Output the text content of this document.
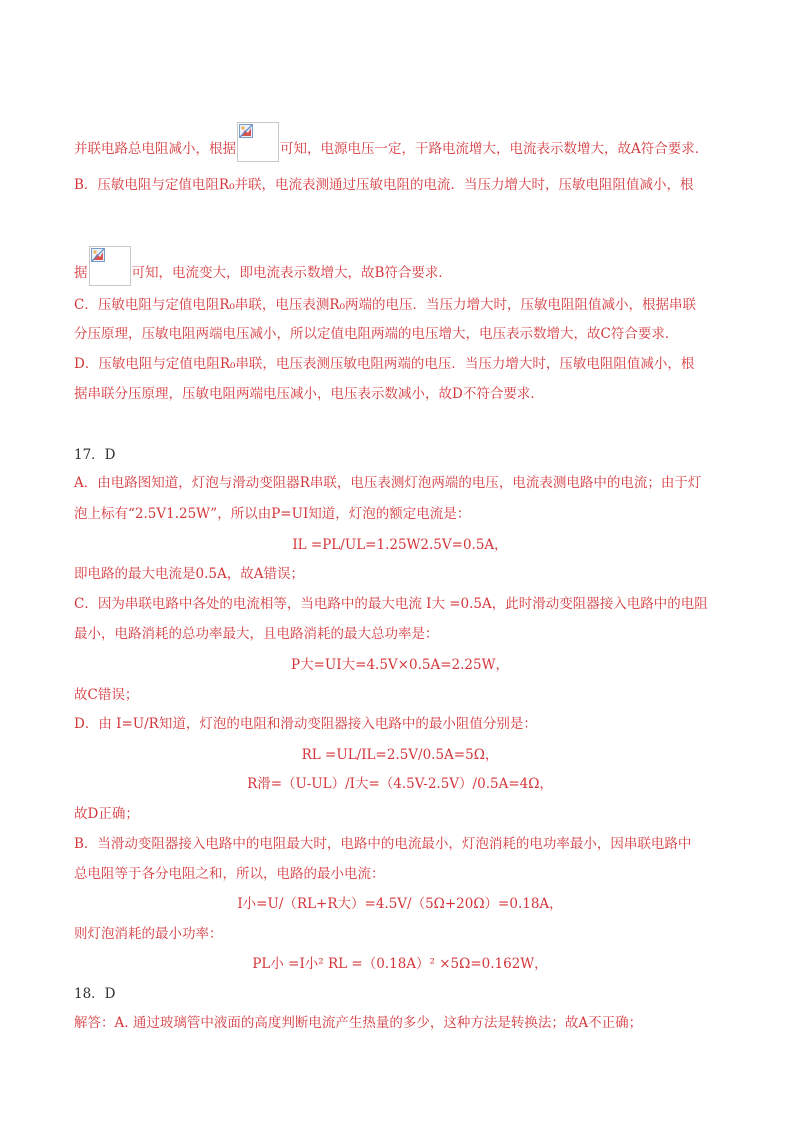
并联电路总电阻减小，根据	可知，电源电压一定，干路电流增大，电流表示数增大，故A符合要求．
B．压敏电阻与定值电阻R₀并联，电流表测通过压敏电阻的电流．当压力增大时，压敏电阻阻值减小，根
据	可知，电流变大，即电流表示数增大，故B符合要求．
C．压敏电阻与定值电阻R₀串联，电压表测R₀两端的电压．当压力增大时，压敏电阻阻值减小，根据串联
分压原理，压敏电阻两端电压减小，所以定值电阻两端的电压增大，电压表示数增大，故C符合要求．
D．压敏电阻与定值电阻R₀串联，电压表测压敏电阻两端的电压．当压力增大时，压敏电阻阻值减小，根
据串联分压原理，压敏电阻两端电压减小，电压表示数减小，故D不符合要求．
17．D
A．由电路图知道，灯泡与滑动变阻器R串联，电压表测灯泡两端的电压，电流表测电路中的电流；由于灯
泡上标有“2.5V1.25W”，所以由P=UI知道，灯泡的额定电流是：
IL =PL/UL=1.25W2.5V=0.5A，
即电路的最大电流是0.5A，故A错误；
C．因为串联电路中各处的电流相等，当电路中的最大电流 I大 =0.5A，此时滑动变阻器接入电路中的电阻
最小，电路消耗的总功率最大，且电路消耗的最大总功率是：
P大=UI大=4.5V×0.5A=2.25W，
故C错误；
D．由 I=U/R知道，灯泡的电阻和滑动变阻器接入电路中的最小阻值分别是：
RL =UL/IL=2.5V/0.5A=5Ω，
R滑=（U-UL）/I大=（4.5V-2.5V）/0.5A=4Ω，
故D正确；
B．当滑动变阻器接入电路中的电阻最大时，电路中的电流最小，灯泡消耗的电功率最小，因串联电路中
总电阻等于各分电阻之和，所以，电路的最小电流：
I小=U/（RL+R大）=4.5V/（5Ω+20Ω）=0.18A，
则灯泡消耗的最小功率：
PL小 =I小² RL =（0.18A）² ×5Ω=0.162W，
18．D
解答：A. 通过玻璃管中液面的高度判断电流产生热量的多少，这种方法是转换法；故A不正确；
